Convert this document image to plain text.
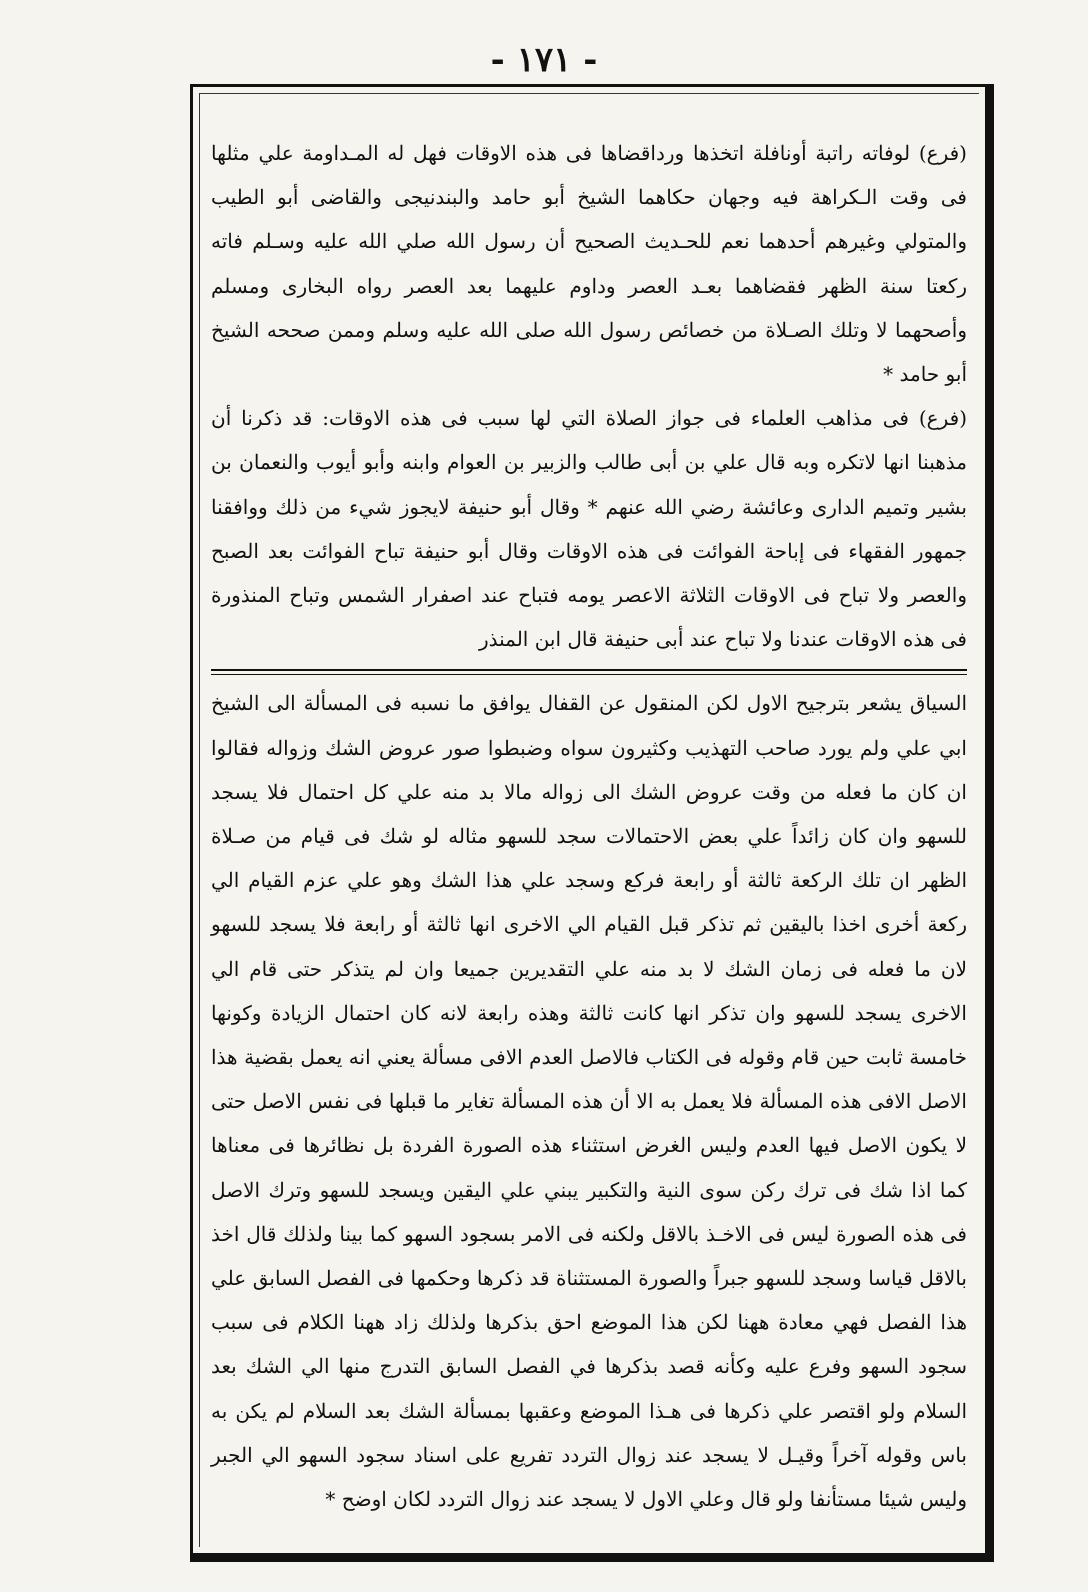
- ١٧١ -

(فرع) لوفاته راتبة أونافلة اتخذها ورداقضاها فى هذه الاوقات فهل له المـداومة علي مثلها فى وقت الـكراهة فيه وجهان حكاهما الشيخ أبو حامد والبندنيجى والقاضى أبو الطيب والمتولي وغيرهم أحدهما نعم للحـديث الصحيح أن رسول الله صلي الله عليه وسـلم فاته ركعتا سنة الظهر فقضاهما بعـد العصر وداوم عليهما بعد العصر رواه البخارى ومسلم وأصحهما لا وتلك الصـلاة من خصائص رسول الله صلى الله عليه وسلم وممن صححه الشيخ أبو حامد *

(فرع) فى مذاهب العلماء فى جواز الصلاة التي لها سبب فى هذه الاوقات: قد ذكرنا أن مذهبنا انها لاتكره وبه قال علي بن أبى طالب والزبير بن العوام وابنه وأبو أيوب والنعمان بن بشير وتميم الدارى وعائشة رضي الله عنهم * وقال أبو حنيفة لايجوز شيء من ذلك ووافقنا جمهور الفقهاء فى إباحة الفوائت فى هذه الاوقات وقال أبو حنيفة تباح الفوائت بعد الصبح والعصر ولا تباح فى الاوقات الثلاثة الاعصر يومه فتباح عند اصفرار الشمس وتباح المنذورة فى هذه الاوقات عندنا ولا تباح عند أبى حنيفة قال ابن المنذر

السياق يشعر بترجيح الاول لكن المنقول عن القفال يوافق ما نسبه فى المسألة الى الشيخ ابي علي ولم يورد صاحب التهذيب وكثيرون سواه وضبطوا صور عروض الشك وزواله فقالوا ان كان ما فعله من وقت عروض الشك الى زواله مالا بد منه علي كل احتمال فلا يسجد للسهو وان كان زائداً علي بعض الاحتمالات سجد للسهو مثاله لو شك فى قيام من صـلاة الظهر ان تلك الركعة ثالثة أو رابعة فركع وسجد علي هذا الشك وهو علي عزم القيام الي ركعة أخرى اخذا باليقين ثم تذكر قبل القيام الي الاخرى انها ثالثة أو رابعة فلا يسجد للسهو لان ما فعله فى زمان الشك لا بد منه علي التقديرين جميعا وان لم يتذكر حتى قام الي الاخرى يسجد للسهو وان تذكر انها كانت ثالثة وهذه رابعة لانه كان احتمال الزيادة وكونها خامسة ثابت حين قام وقوله فى الكتاب فالاصل العدم الافى مسألة يعني انه يعمل بقضية هذا الاصل الافى هذه المسألة فلا يعمل به الا أن هذه المسألة تغاير ما قبلها فى نفس الاصل حتى لا يكون الاصل فيها العدم وليس الغرض استثناء هذه الصورة الفردة بل نظائرها فى معناها كما اذا شك فى ترك ركن سوى النية والتكبير يبني علي اليقين ويسجد للسهو وترك الاصل فى هذه الصورة ليس فى الاخـذ بالاقل ولكنه فى الامر بسجود السهو كما بينا ولذلك قال اخذ بالاقل قياسا وسجد للسهو جبراً والصورة المستثناة قد ذكرها وحكمها فى الفصل السابق علي هذا الفصل فهي معادة ههنا لكن هذا الموضع احق بذكرها ولذلك زاد ههنا الكلام فى سبب سجود السهو وفرع عليه وكأنه قصد بذكرها في الفصل السابق التدرج منها الي الشك بعد السلام ولو اقتصر علي ذكرها فى هـذا الموضع وعقبها بمسألة الشك بعد السلام لم يكن به باس وقوله آخراً وقيـل لا يسجد عند زوال التردد تفريع على اسناد سجود السهو الي الجبر وليس شيئا مستأنفا ولو قال وعلي الاول لا يسجد عند زوال التردد لكان اوضح *
